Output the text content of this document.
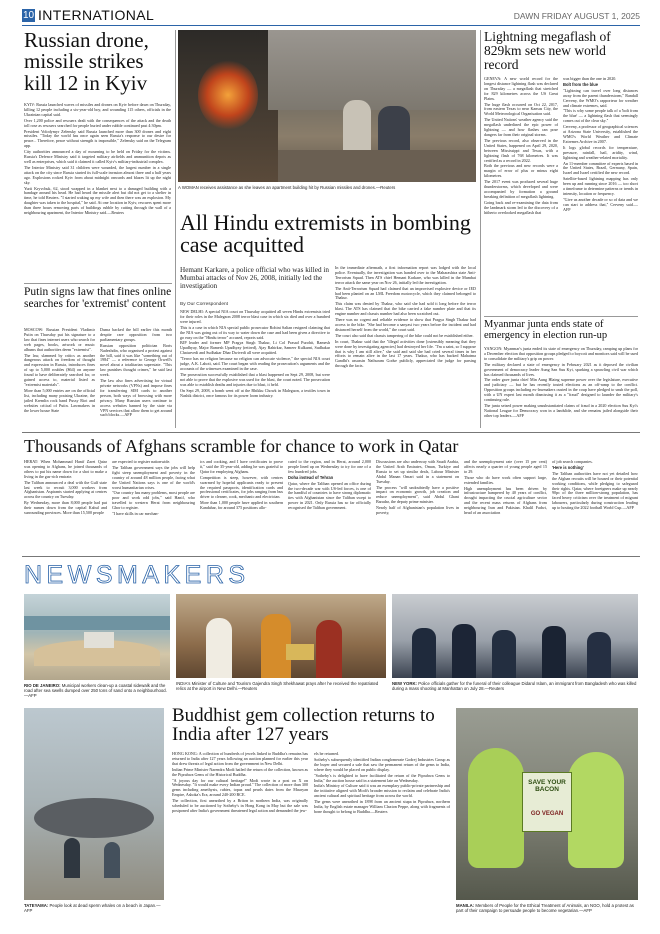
10 INTERNATIONAL	DAWN FRIDAY AUGUST 1, 2025
Russian drone, missile strikes kill 12 in Kyiv

KYIV: Russia launched waves of missiles and drones on Kyiv before dawn on Thursday, killing 12 people including a six-year-old boy, and wounding 115 others, officials in the Ukrainian capital said.

Over 1,200 police and rescuers dealt with the consequences of the attack and the death toll rose as rescuers searched for people buried under rubble continued past 4:30pm.

President Volodymyr Zelensky said Russia launched more than 300 drones and eight missiles. "Today the world has once again seen Russia's response to our desire for peace... Therefore, peace without strength is impossible," Zelensky said on the Telegram app.

City authorities announced a day of mourning to be held on Friday for the victims. Russia's Defence Ministry said it targeted military airfields and ammunition depots as well as enterprises, which said it claimed it called Kyiv's military-industrial complex.

The Interior Ministry said 31 children were wounded, the largest number in a single attack on the city since Russia started its full-scale invasion almost three and a half years ago. Explosions rocked Kyiv from about midnight onwards and blazes lit up the night sky.

Yurii Kryvchuk, 62, stood wrapped in a blanket next to a damaged building with a bandage around his head. He had heard the missile alert but did not get to a shelter in time, he told Reuters. "I started waking up my wife and then there was an explosion. My daughter was taken to the hospital," he said. At one location in Kyiv, rescuers spent more than three hours removing parts of buildings rubble by cutting through the wall of a neighbouring apartment, the Interior Ministry said.—Reuters

A WOMAN receives assistance as she leaves an apartment building hit by Russian missiles and drones.—Reuters
Putin signs law that fines online searches for 'extremist' content

MOSCOW: Russian President Vladimir Putin on Thursday put his signature to a law that fines internet users who search for web pages, books, artwork or music albums that authorities deem "extremist".

The law, slammed by critics as another dangerous attack on freedom of thought and expression in Russia, introduces fines of up to 5,000 roubles ($64) on anyone found to have deliberately searched for, or gained access to, material listed as "extremist materials".

More than 5,000 entries are on the official list, including many praising Ukraine, the jailed Kremlin rock band Pussy Riot and websites critical of Putin. Lawmakers in the lower house State

Duma backed the bill earlier this month despite rare opposition from two parliamentary groups.

Russian opposition politician Boris Nadezhdin, who organised a protest against the bill, said it was like "something out of 1984" — a reference to George Orwell's novel about a totalitarian superstate. "This law punishes thought crimes," he said last week.

The law also fines advertising for virtual private networks (VPNs) and impose fines for transferring SIM cards to another person, both ways of browsing with more privacy. Many Russian users continue to access websites banned by the state via VPN services that allow them to get around such blocks.—AFP

All Hindu extremists in bombing case acquitted
Hemant Karkare, a police official who was killed in Mumbai attacks of Nov 26, 2008, initially led the investigation
By Our Correspondent

NEW DELHI: A special NIA court on Thursday acquitted all seven Hindu extremists tried for their roles in the Malegaon 2008 terror blast case in which six died and over a hundred were injured.

This is a case in which NIA special public prosecutor Rohini Salian resigned claiming that the NIA was going out of its way to water down the case and had been given a directive to go easy on the "Hindu terror" accused, reports said.

BJP leader and former MP Pragya Singh Thakur, Lt Col Prasad Purohit, Ramesh Upadhyay, Major Ramesh Upadhyay (retired), Ajay Rahirkar, Sameer Kulkarni, Sudhakar Chaturvedi and Sudhakar Dhar Dwivedi all were acquitted.

"Terror has no religion because no religion can advocate violence," the special NIA court judge, A.K. Lahoti, said. The court began with reading the prosecution's arguments and the accounts of the witnesses examined in the case.

The prosecution successfully established that a blast happened on Sept 29, 2008, but were not able to prove that the explosive was used for the blast, the court noted. The prosecution was able to establish deaths and injuries due to blast, it held.

On Sept 29, 2008, a bomb went off at the Bhikku Chowk in Malegaon, a textiles town in Nashik district, once famous for its power loom industry.

In the immediate aftermath, a first information report was lodged with the local police. Eventually, the investigation was handed over to the Maharashtra state Anti-Terrorism Squad. Then ATS chief Hemant Karkare, who was killed in the Mumbai terror attack the same year on Nov 26, initially led the investigation.

The Anti-Terrorism Squad had claimed that an improvised explosive device or IED had been planted on an LML Freedom motorcycle, which they claimed belonged to Thakur.

This claim was denied by Thakur, who said she had sold it long before the terror blast. The ATS has claimed that the bike carried a fake number plate and that its engine number and chassis number had also been scratched out.

There was no cogent and reliable evidence to show that Pragya Singh Thakur had access to the bike. "She had become a sanyasi two years before the incident and had distanced herself from the world," the court said.

The court also said that chassis tampering of the bike could not be established either.

In court, Thakur said that the "illegal activities done [ostensibly meaning that they were done by investigating agencies] had destroyed her life. "I'm a saint, so I suppose that is why I am still alive," she said and said she had cried several times in her efforts to remain alive in the last 17 years. Thakur, who has backed Mahatma Gandhi's assassin Nathuram Godse publicly, appreciated the judge for parsing through the facts.

Lightning megaflash of 829km sets new world record

GENEVA: A new world record for the longest distance lightning flash was declared on Thursday — a megaflash that stretched for 829 kilometres across the US Great Plains.

The huge flash occurred on Oct 22, 2017, from eastern Texas to near Kansas City, the World Meteorological Organisation said.

The United Nations' weather agency said the megaflash underlined the epic power of lightning — and how flashes can pose dangers far from their original storms.

The previous record, also observed in the United States, happened on April 29, 2020, between Mississippi and Texas, with a lightning flash of 768 kilometres. It was certified as a record in 2022.

Both the previous and new records were a margin of error of plus or minus eight kilometres.

The 2017 event was produced several huge thunderstorms, which developed and were accompanied by formation a ground breaking definition of megaflash lightning.

Going back and re-examining the data from the landmark storm led to the discovery of a hitherto overlooked megaflash that

was bigger than the one in 2020.

Bolt from the blue

"Lightning can travel over long distances away from the parent thunderstorm," Randall Cerveny, the WMO's rapporteur for weather and climate extremes, said.

"This is why some people talk of a 'bolt from the blue' — a lightning flash that seemingly comes out of the clear sky."

Cerveny, a professor of geographical sciences at Arizona State University, established the WMO's World Weather and Climate Extremes Archive in 2007.

It logs global records for temperature, pressure, rainfall, hail, aridity, wind, lightning and weather-related mortality.

An 11-member committee of experts based in the United States, Brazil, Germany, Spain, Israel and Israel certified the new record.

Satellite-based lightning mapping has only been up and running since 2016 — too short a timeframe to determine patterns or trends in intensity, location or frequency.

"Give us another decade or so of data and we can start to address that," Cerveny said.—AFP

Myanmar junta ends state of emergency in election run-up

YANGON: Myanmar's junta ended its state of emergency on Thursday, ramping up plans for a December election that opposition groups pledged to boycott and monitors said will be used to consolidate the military's grip on power.

The military declared a state of emergency in February 2021 as it deposed the civilian government of democracy leader Aung San Suu Kyi, sparking a sprawling civil war which has claimed thousands of lives.

The order gave junta chief Min Aung Hlaing supreme power over the legislature, executive and judiciary — but he has recently touted elections as an off-ramp to the conflict. Opposition groups including ex-lawmakers ousted in the coup have pledged to snub the poll, with a UN expert last month dismissing it as a "fraud" designed to launder the military's continuing rule.

The junta seized power making unsubstantiated claims of fraud in a 2020 election Suu Kyi's National League for Democracy won in a landslide, and she remains jailed alongside their other top leaders.—AFP

Thousands of Afghans scramble for chance to work in Qatar

HERAT: When Mohammad Hanif Zarei Qatar was opening to Afghans, he joined thousands of others to put his name down for a shot to make a living in the gas-rich emirate.

The Taliban announced a deal with the Gulf state last week to recruit 3,000 workers from Afghanistan. Aspirants started applying at centres across the country on Tuesday.

By Wednesday, more than 8,000 people had put their names down from the capital Kabul and surrounding provinces. More than 15,500 people

are expected to register nationwide.

The Taliban government says the jobs will help fight steep unemployment and poverty in the country of around 48 million people, facing what the United Nations says is one of the world's worst humanitarian crises.

"Our country has many problems, most people are poor and work odd jobs," said Hanif, who travelled to western Herat from neighbouring Ghor to register.

"I have skills in car mechan-

ics and cooking, and I have certificates to prove it," said the 35-year-old, adding he was grateful to Qatar for employing Afghans.

Competition is steep, however, with centres swarmed by hopeful applicants ready to present the required passports, identification cards and professional certificates, for jobs ranging from bus driver to cleaner, cook, mechanic and electrician.

More than 1,000 people have applied in southern Kandahar, for around 375 positions allo-

cated to the region, and in Herat, around 2,000 people lined up on Wednesday to try for one of a few hundred jobs.

Doha instead of Tehran

Qatar, where the Taliban opened an office during the two-decade war with US-led forces, is one of the handful of countries to have strong diplomatic ties with Afghanistan since the Taliban swept to power in 2021. Only Russia has so far officially recognised the Taliban government.

Discussions are also underway with Saudi Arabia, the United Arab Emirates, Oman, Turkiye and Russia to set up similar deals, Labour Minister Abdul Manan Omari said in a statement on Tuesday.

The process "will undoubtedly have a positive impact on economic growth, job creation and reduce unemployment", said Abdul Ghani Baradar, the deputy prime minister.

Nearly half of Afghanistan's population lives in poverty,

and the unemployment rate (over 15 per cent) affects nearly a quarter of young people aged 15 to 29.

Those who do have work often support large, extended families.

High unemployment has been driven by infrastructure hampered by 40 years of conflict, drought impacting the crucial agriculture sector and the recent mass returns of Afghans from neighbouring Iran and Pakistan. Khalil Fadwi, head of an association

of job search companies.

'Here is nothing'

The Taliban authorities have not yet detailed how the Afghan recruits will be housed or their potential working conditions, while pledging to safeguard their rights. Qatar, where foreigners make up nearly 90pc of the three million-strong population, has faced heavy criticism over the treatment of migrant labourers, particularly during construction leading up to hosting the 2022 football World Cup.—AFP

NEWSMAKERS
RIO DE JANEIRO: Municipal workers clean-up a coastal sidewalk and the road after sea swells dumped over 250 tons of sand onto a neighbourhood.—AFP
INDIA's Minister of Culture and Tourism Gajendra Singh Shekhawat prays after he received the repatriated relics at the airport in New Delhi.—Reuters
NEW YORK: Police officials gather for the funeral of their colleague Didarul Islam, an immigrant from Bangladesh who was killed during a mass shooting at Manhattan on July 28.—Reuters
TATEYAMA: People look at dead sperm whales on a beach in Japan.—AFP
Buddhist gem collection returns to India after 127 years

HONG KONG: A collection of hundreds of jewels linked to Buddha's remains has returned to India after 127 years following an auction planned for earlier this year that drew threats of legal action from the government in New Delhi.

Indian Prime Minister Narendra Modi hailed the return of the collection, known as the Piprahwa Gems of the Historical Buddha.

"A joyous day for our cultural heritage!" Modi wrote in a post on X on Wednesday. "It would make every Indian proud." The collection of more than 300 gems including amethysts, rubies, topaz and pearls dates from the Mauryan Empire, Ashoka's Era, around 240-200 BCE.

The collection, first unearthed by a Briton in northern India, was originally scheduled to be auctioned by Sotheby's in Hong Kong in May but the sale was postponed after India's government threatened legal action and demanded the jew-

els be returned.

Sotheby's subsequently identified Indian conglomerate Godrej Industries Group as the buyer and secured a sale that saw the permanent return of the gems to India, where they would be placed on public display.

"Sotheby's is delighted to have facilitated the return of the Piprahwa Gems to India," the auction house said in a statement late on Wednesday.

India's Ministry of Culture said it was an exemplary public-private partnership and the initiative aligned with Modi's broader mission to reclaim and celebrate India's ancient cultural and spiritual heritage from across the world.

The gems were unearthed in 1898 from an ancient stupa in Piprahwa, northern India, by English estate manager William Claxton Peppe, along with fragments of bone thought to belong to Buddha.—Reuters

SAVE YOUR BACON
GO VEGAN
MANILA: Members of People for the Ethical Treatment of Animals, an NGO, hold a protest as part of their campaign to persuade people to become vegetarian.—AFP
